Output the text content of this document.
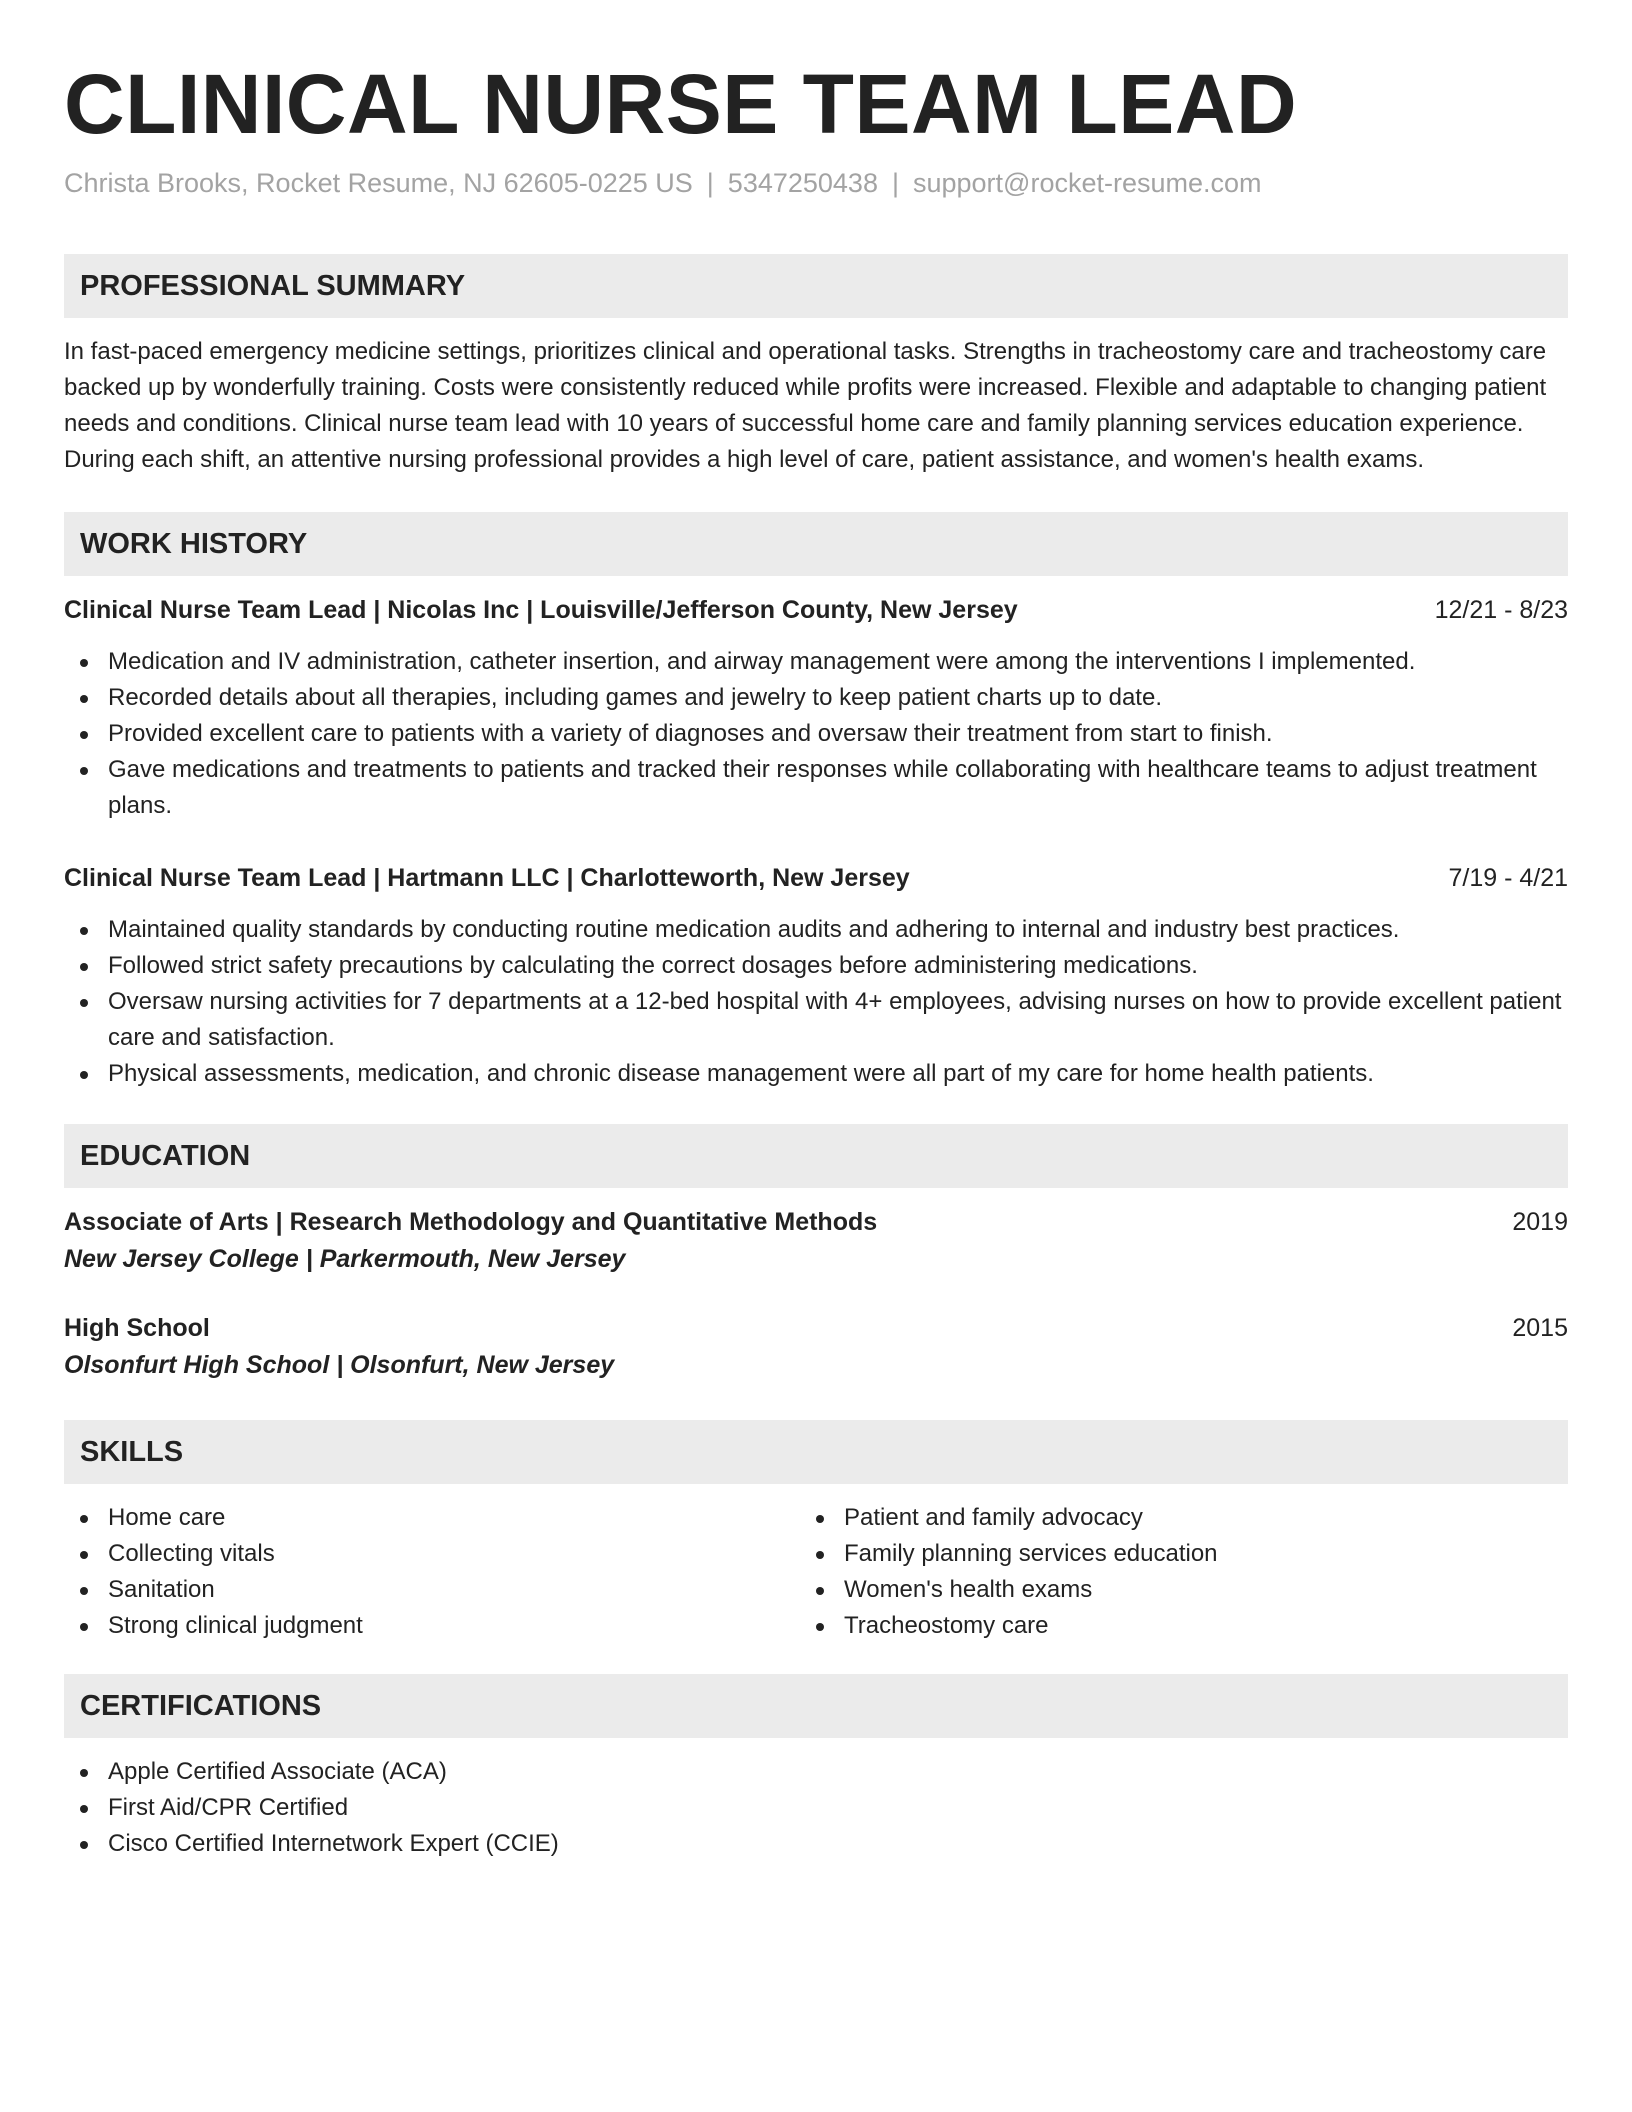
CLINICAL NURSE TEAM LEAD
Christa Brooks, Rocket Resume, NJ 62605-0225 US | 5347250438 | support@rocket-resume.com
PROFESSIONAL SUMMARY
In fast-paced emergency medicine settings, prioritizes clinical and operational tasks. Strengths in tracheostomy care and tracheostomy care backed up by wonderfully training. Costs were consistently reduced while profits were increased. Flexible and adaptable to changing patient needs and conditions. Clinical nurse team lead with 10 years of successful home care and family planning services education experience. During each shift, an attentive nursing professional provides a high level of care, patient assistance, and women's health exams.
WORK HISTORY
Clinical Nurse Team Lead | Nicolas Inc | Louisville/Jefferson County, New Jersey	12/21 - 8/23
Medication and IV administration, catheter insertion, and airway management were among the interventions I implemented.
Recorded details about all therapies, including games and jewelry to keep patient charts up to date.
Provided excellent care to patients with a variety of diagnoses and oversaw their treatment from start to finish.
Gave medications and treatments to patients and tracked their responses while collaborating with healthcare teams to adjust treatment plans.
Clinical Nurse Team Lead | Hartmann LLC | Charlotteworth, New Jersey	7/19 - 4/21
Maintained quality standards by conducting routine medication audits and adhering to internal and industry best practices.
Followed strict safety precautions by calculating the correct dosages before administering medications.
Oversaw nursing activities for 7 departments at a 12-bed hospital with 4+ employees, advising nurses on how to provide excellent patient care and satisfaction.
Physical assessments, medication, and chronic disease management were all part of my care for home health patients.
EDUCATION
Associate of Arts | Research Methodology and Quantitative Methods	2019
New Jersey College | Parkermouth, New Jersey
High School	2015
Olsonfurt High School | Olsonfurt, New Jersey
SKILLS
Home care
Collecting vitals
Sanitation
Strong clinical judgment
Patient and family advocacy
Family planning services education
Women's health exams
Tracheostomy care
CERTIFICATIONS
Apple Certified Associate (ACA)
First Aid/CPR Certified
Cisco Certified Internetwork Expert (CCIE)
